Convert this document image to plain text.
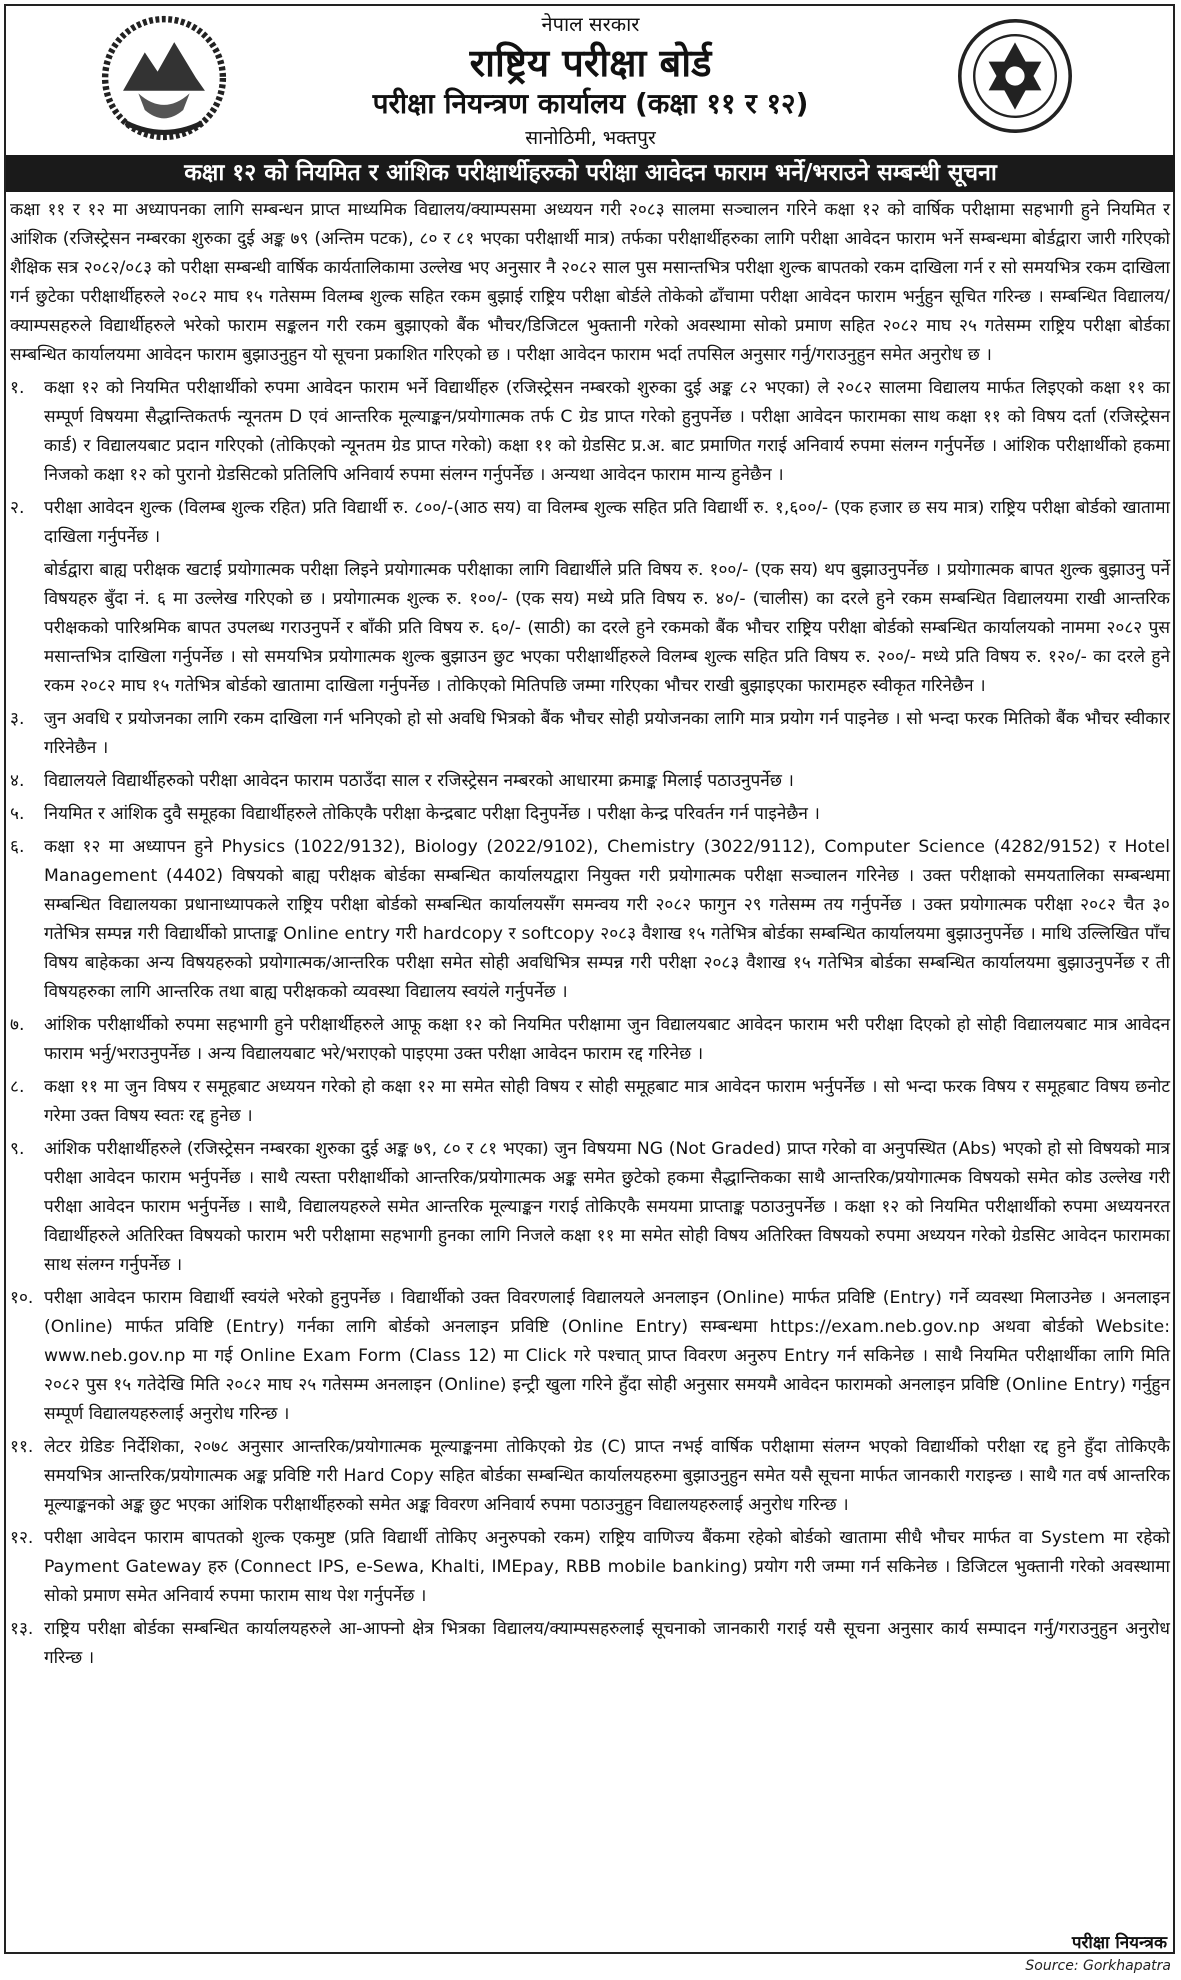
नेपाल सरकार
राष्ट्रिय परीक्षा बोर्ड
परीक्षा नियन्त्रण कार्यालय (कक्षा ११ र १२)
सानोठिमी, भक्तपुर
कक्षा १२ को नियमित र आंशिक परीक्षार्थीहरुको परीक्षा आवेदन फाराम भर्ने/भराउने सम्बन्धी सूचना

कक्षा ११ र १२ मा अध्यापनका लागि सम्बन्धन प्राप्त माध्यमिक विद्यालय/क्याम्पसमा अध्ययन गरी २०८३ सालमा सञ्चालन गरिने कक्षा १२ को वार्षिक परीक्षामा सहभागी हुने नियमित र आंशिक (रजिस्ट्रेसन नम्बरका शुरुका दुई अङ्क ७९ (अन्तिम पटक), ८० र ८१ भएका परीक्षार्थी मात्र) तर्फका परीक्षार्थीहरुका लागि परीक्षा आवेदन फाराम भर्ने सम्बन्धमा बोर्डद्वारा जारी गरिएको शैक्षिक सत्र २०८२/०८३ को परीक्षा सम्बन्धी वार्षिक कार्यतालिकामा उल्लेख भए अनुसार नै २०८२ साल पुस मसान्तभित्र परीक्षा शुल्क बापतको रकम दाखिला गर्न र सो समयभित्र रकम दाखिला गर्न छुटेका परीक्षार्थीहरुले २०८२ माघ १५ गतेसम्म विलम्ब शुल्क सहित रकम बुझाई राष्ट्रिय परीक्षा बोर्डले तोकेको ढाँचामा परीक्षा आवेदन फाराम भर्नुहुन सूचित गरिन्छ । सम्बन्धित विद्यालय/क्याम्पसहरुले विद्यार्थीहरुले भरेको फाराम सङ्कलन गरी रकम बुझाएको बैंक भौचर/डिजिटल भुक्तानी गरेको अवस्थामा सोको प्रमाण सहित २०८२ माघ २५ गतेसम्म राष्ट्रिय परीक्षा बोर्डका सम्बन्धित कार्यालयमा आवेदन फाराम बुझाउनुहुन यो सूचना प्रकाशित गरिएको छ । परीक्षा आवेदन फाराम भर्दा तपसिल अनुसार गर्नु/गराउनुहुन समेत अनुरोध छ ।

१.	कक्षा १२ को नियमित परीक्षार्थीको रुपमा आवेदन फाराम भर्ने विद्यार्थीहरु (रजिस्ट्रेसन नम्बरको शुरुका दुई अङ्क ८२ भएका) ले २०८२ सालमा विद्यालय मार्फत लिइएको कक्षा ११ का सम्पूर्ण विषयमा सैद्धान्तिकतर्फ न्यूनतम D एवं आन्तरिक मूल्याङ्कन/प्रयोगात्मक तर्फ C ग्रेड प्राप्त गरेको हुनुपर्नेछ । परीक्षा आवेदन फारामका साथ कक्षा ११ को विषय दर्ता (रजिस्ट्रेसन कार्ड) र विद्यालयबाट प्रदान गरिएको (तोकिएको न्यूनतम ग्रेड प्राप्त गरेको) कक्षा ११ को ग्रेडसिट प्र.अ. बाट प्रमाणित गराई अनिवार्य रुपमा संलग्न गर्नुपर्नेछ । आंशिक परीक्षार्थीको हकमा निजको कक्षा १२ को पुरानो ग्रेडसिटको प्रतिलिपि अनिवार्य रुपमा संलग्न गर्नुपर्नेछ । अन्यथा आवेदन फाराम मान्य हुनेछैन ।
२.	परीक्षा आवेदन शुल्क (विलम्ब शुल्क रहित) प्रति विद्यार्थी रु. ८००/-(आठ सय) वा विलम्ब शुल्क सहित प्रति विद्यार्थी रु. १,६००/- (एक हजार छ सय मात्र) राष्ट्रिय परीक्षा बोर्डको खातामा दाखिला गर्नुपर्नेछ ।
बोर्डद्वारा बाह्य परीक्षक खटाई प्रयोगात्मक परीक्षा लिइने प्रयोगात्मक परीक्षाका लागि विद्यार्थीले प्रति विषय रु. १००/- (एक सय) थप बुझाउनुपर्नेछ । प्रयोगात्मक बापत शुल्क बुझाउनु पर्ने विषयहरु बुँदा नं. ६ मा उल्लेख गरिएको छ । प्रयोगात्मक शुल्क रु. १००/- (एक सय) मध्ये प्रति विषय रु. ४०/- (चालीस) का दरले हुने रकम सम्बन्धित विद्यालयमा राखी आन्तरिक परीक्षकको पारिश्रमिक बापत उपलब्ध गराउनुपर्ने र बाँकी प्रति विषय रु. ६०/- (साठी) का दरले हुने रकमको बैंक भौचर राष्ट्रिय परीक्षा बोर्डको सम्बन्धित कार्यालयको नाममा २०८२ पुस मसान्तभित्र दाखिला गर्नुपर्नेछ । सो समयभित्र प्रयोगात्मक शुल्क बुझाउन छुट भएका परीक्षार्थीहरुले विलम्ब शुल्क सहित प्रति विषय रु. २००/- मध्ये प्रति विषय रु. १२०/- का दरले हुने रकम २०८२ माघ १५ गतेभित्र बोर्डको खातामा दाखिला गर्नुपर्नेछ । तोकिएको मितिपछि जम्मा गरिएका भौचर राखी बुझाइएका फारामहरु स्वीकृत गरिनेछैन ।
३.	जुन अवधि र प्रयोजनका लागि रकम दाखिला गर्न भनिएको हो सो अवधि भित्रको बैंक भौचर सोही प्रयोजनका लागि मात्र प्रयोग गर्न पाइनेछ । सो भन्दा फरक मितिको बैंक भौचर स्वीकार गरिनेछैन ।
४.	विद्यालयले विद्यार्थीहरुको परीक्षा आवेदन फाराम पठाउँदा साल र रजिस्ट्रेसन नम्बरको आधारमा क्रमाङ्क मिलाई पठाउनुपर्नेछ ।
५.	नियमित र आंशिक दुवै समूहका विद्यार्थीहरुले तोकिएकै परीक्षा केन्द्रबाट परीक्षा दिनुपर्नेछ । परीक्षा केन्द्र परिवर्तन गर्न पाइनेछैन ।
६.	कक्षा १२ मा अध्यापन हुने Physics (1022/9132), Biology (2022/9102), Chemistry (3022/9112), Computer Science (4282/9152) र Hotel Management (4402) विषयको बाह्य परीक्षक बोर्डका सम्बन्धित कार्यालयद्वारा नियुक्त गरी प्रयोगात्मक परीक्षा सञ्चालन गरिनेछ । उक्त परीक्षाको समयतालिका सम्बन्धमा सम्बन्धित विद्यालयका प्रधानाध्यापकले राष्ट्रिय परीक्षा बोर्डको सम्बन्धित कार्यालयसँग समन्वय गरी २०८२ फागुन २९ गतेसम्म तय गर्नुपर्नेछ । उक्त प्रयोगात्मक परीक्षा २०८२ चैत ३० गतेभित्र सम्पन्न गरी विद्यार्थीको प्राप्ताङ्क Online entry गरी hardcopy र softcopy २०८३ वैशाख १५ गतेभित्र बोर्डका सम्बन्धित कार्यालयमा बुझाउनुपर्नेछ । माथि उल्लिखित पाँच विषय बाहेकका अन्य विषयहरुको प्रयोगात्मक/आन्तरिक परीक्षा समेत सोही अवधिभित्र सम्पन्न गरी परीक्षा २०८३ वैशाख १५ गतेभित्र बोर्डका सम्बन्धित कार्यालयमा बुझाउनुपर्नेछ र ती विषयहरुका लागि आन्तरिक तथा बाह्य परीक्षकको व्यवस्था विद्यालय स्वयंले गर्नुपर्नेछ ।
७.	आंशिक परीक्षार्थीको रुपमा सहभागी हुने परीक्षार्थीहरुले आफू कक्षा १२ को नियमित परीक्षामा जुन विद्यालयबाट आवेदन फाराम भरी परीक्षा दिएको हो सोही विद्यालयबाट मात्र आवेदन फाराम भर्नु/भराउनुपर्नेछ । अन्य विद्यालयबाट भरे/भराएको पाइएमा उक्त परीक्षा आवेदन फाराम रद्द गरिनेछ ।
८.	कक्षा ११ मा जुन विषय र समूहबाट अध्ययन गरेको हो कक्षा १२ मा समेत सोही विषय र सोही समूहबाट मात्र आवेदन फाराम भर्नुपर्नेछ । सो भन्दा फरक विषय र समूहबाट विषय छनोट गरेमा उक्त विषय स्वतः रद्द हुनेछ ।
९.	आंशिक परीक्षार्थीहरुले (रजिस्ट्रेसन नम्बरका शुरुका दुई अङ्क ७९, ८० र ८१ भएका) जुन विषयमा NG (Not Graded) प्राप्त गरेको वा अनुपस्थित (Abs) भएको हो सो विषयको मात्र परीक्षा आवेदन फाराम भर्नुपर्नेछ । साथै त्यस्ता परीक्षार्थीको आन्तरिक/प्रयोगात्मक अङ्क समेत छुटेको हकमा सैद्धान्तिकका साथै आन्तरिक/प्रयोगात्मक विषयको समेत कोड उल्लेख गरी परीक्षा आवेदन फाराम भर्नुपर्नेछ । साथै, विद्यालयहरुले समेत आन्तरिक मूल्याङ्कन गराई तोकिएकै समयमा प्राप्ताङ्क पठाउनुपर्नेछ । कक्षा १२ को नियमित परीक्षार्थीको रुपमा अध्ययनरत विद्यार्थीहरुले अतिरिक्त विषयको फाराम भरी परीक्षामा सहभागी हुनका लागि निजले कक्षा ११ मा समेत सोही विषय अतिरिक्त विषयको रुपमा अध्ययन गरेको ग्रेडसिट आवेदन फारामका साथ संलग्न गर्नुपर्नेछ ।
१०. परीक्षा आवेदन फाराम विद्यार्थी स्वयंले भरेको हुनुपर्नेछ । विद्यार्थीको उक्त विवरणलाई विद्यालयले अनलाइन (Online) मार्फत प्रविष्टि (Entry) गर्ने व्यवस्था मिलाउनेछ । अनलाइन (Online) मार्फत प्रविष्टि (Entry) गर्नका लागि बोर्डको अनलाइन प्रविष्टि (Online Entry) सम्बन्धमा https://exam.neb.gov.np अथवा बोर्डको Website: www.neb.gov.np मा गई Online Exam Form (Class 12) मा Click गरे पश्चात् प्राप्त विवरण अनुरुप Entry गर्न सकिनेछ । साथै नियमित परीक्षार्थीका लागि मिति २०८२ पुस १५ गतेदेखि मिति २०८२ माघ २५ गतेसम्म अनलाइन (Online) इन्ट्री खुला गरिने हुँदा सोही अनुसार समयमै आवेदन फारामको अनलाइन प्रविष्टि (Online Entry) गर्नुहुन सम्पूर्ण विद्यालयहरुलाई अनुरोध गरिन्छ ।
११. लेटर ग्रेडिङ निर्देशिका, २०७८ अनुसार आन्तरिक/प्रयोगात्मक मूल्याङ्कनमा तोकिएको ग्रेड (C) प्राप्त नभई वार्षिक परीक्षामा संलग्न भएको विद्यार्थीको परीक्षा रद्द हुने हुँदा तोकिएकै समयभित्र आन्तरिक/प्रयोगात्मक अङ्क प्रविष्टि गरी Hard Copy सहित बोर्डका सम्बन्धित कार्यालयहरुमा बुझाउनुहुन समेत यसै सूचना मार्फत जानकारी गराइन्छ । साथै गत वर्ष आन्तरिक मूल्याङ्कनको अङ्क छुट भएका आंशिक परीक्षार्थीहरुको समेत अङ्क विवरण अनिवार्य रुपमा पठाउनुहुन विद्यालयहरुलाई अनुरोध गरिन्छ ।
१२. परीक्षा आवेदन फाराम बापतको शुल्क एकमुष्ट (प्रति विद्यार्थी तोकिए अनुरुपको रकम) राष्ट्रिय वाणिज्य बैंकमा रहेको बोर्डको खातामा सीधै भौचर मार्फत वा System मा रहेको Payment Gateway हरु (Connect IPS, e-Sewa, Khalti, IMEpay, RBB mobile banking) प्रयोग गरी जम्मा गर्न सकिनेछ । डिजिटल भुक्तानी गरेको अवस्थामा सोको प्रमाण समेत अनिवार्य रुपमा फाराम साथ पेश गर्नुपर्नेछ ।
१३. राष्ट्रिय परीक्षा बोर्डका सम्बन्धित कार्यालयहरुले आ-आफ्नो क्षेत्र भित्रका विद्यालय/क्याम्पसहरुलाई सूचनाको जानकारी गराई यसै सूचना अनुसार कार्य सम्पादन गर्नु/गराउनुहुन अनुरोध गरिन्छ ।
परीक्षा नियन्त्रक
Source: Gorkhapatra
